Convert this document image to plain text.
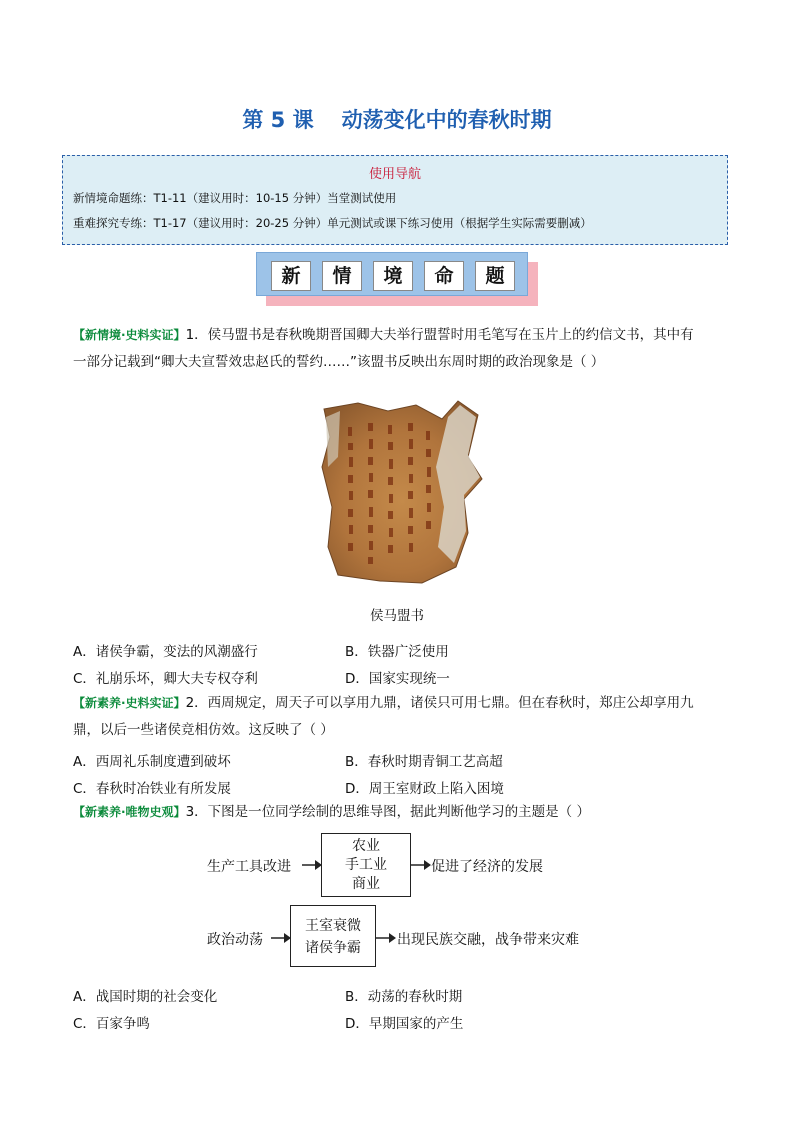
第 5 课 动荡变化中的春秋时期
使用导航
新情境命题练：T1-11（建议用时：10-15 分钟）当堂测试使用
重难探究专练：T1-17（建议用时：20-25 分钟）单元测试或课下练习使用（根据学生实际需要删减）
新	情	境	命	题
【新情境·史料实证】1．侯马盟书是春秋晚期晋国卿大夫举行盟誓时用毛笔写在玉片上的约信文书，其中有
一部分记载到“卿大夫宣誓效忠赵氏的誓约……”该盟书反映出东周时期的政治现象是（ ）
侯马盟书
A．诸侯争霸，变法的风潮盛行	B．铁器广泛使用
C．礼崩乐坏，卿大夫专权夺利	D．国家实现统一
【新素养·史料实证】2．西周规定，周天子可以享用九鼎，诸侯只可用七鼎。但在春秋时，郑庄公却享用九
鼎，以后一些诸侯竞相仿效。这反映了（ ）
A．西周礼乐制度遭到破坏	B．春秋时期青铜工艺高超
C．春秋时冶铁业有所发展	D．周王室财政上陷入困境
【新素养·唯物史观】3．下图是一位同学绘制的思维导图，据此判断他学习的主题是（ ）
生产工具改进
农业
手工业
商业
促进了经济的发展
政治动荡
王室衰微
诸侯争霸	出现民族交融，战争带来灾难
A．战国时期的社会变化	B．动荡的春秋时期
C．百家争鸣	D．早期国家的产生
